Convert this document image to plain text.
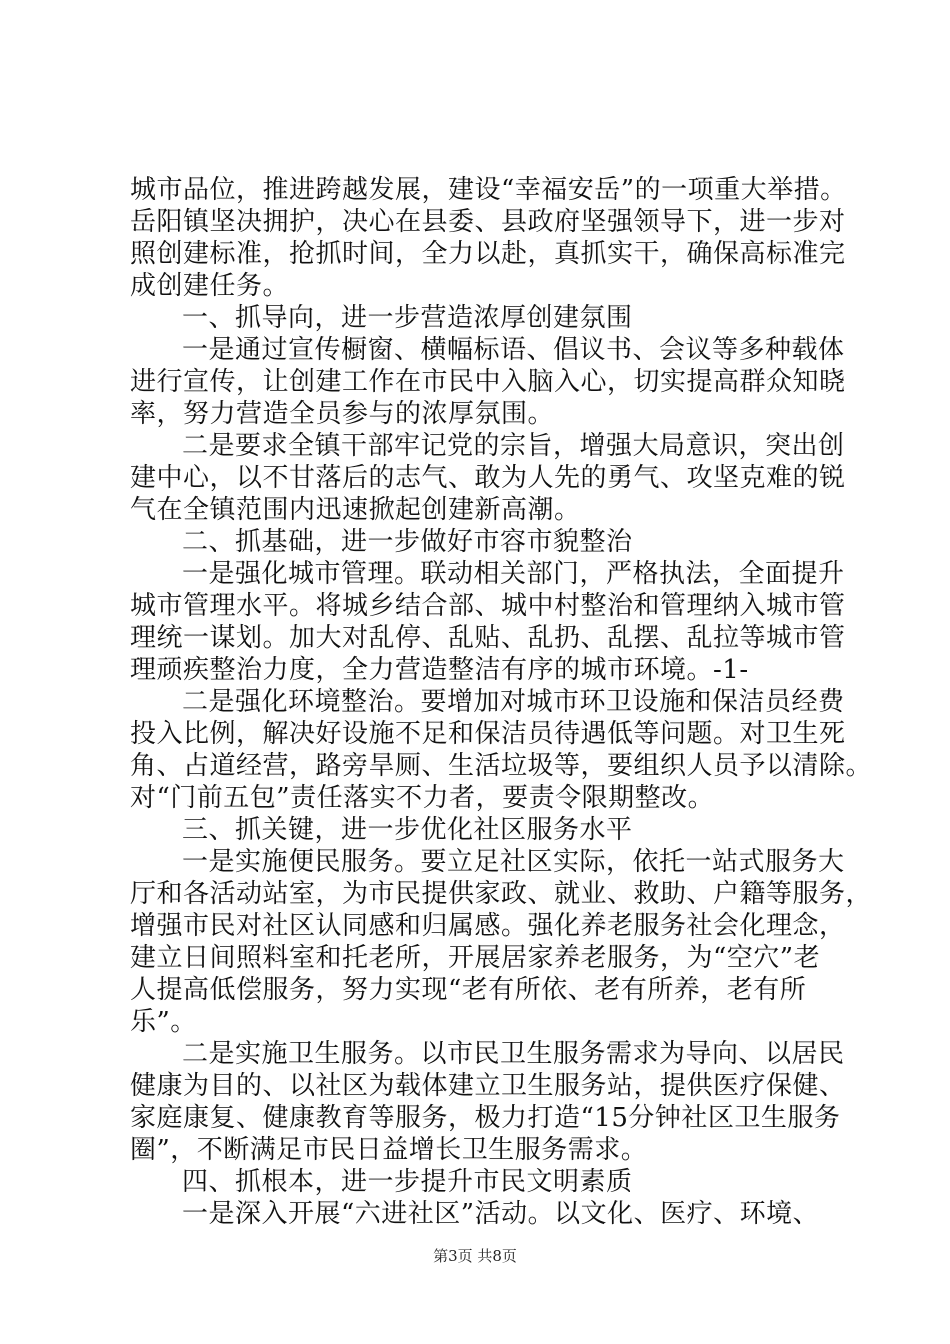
城市品位，推进跨越发展，建设“幸福安岳”的一项重大举措。
岳阳镇坚决拥护，决心在县委、县政府坚强领导下，进一步对
照创建标准，抢抓时间，全力以赴，真抓实干，确保高标准完
成创建任务。
一、抓导向，进一步营造浓厚创建氛围
一是通过宣传橱窗、横幅标语、倡议书、会议等多种载体
进行宣传，让创建工作在市民中入脑入心，切实提高群众知晓
率，努力营造全员参与的浓厚氛围。
二是要求全镇干部牢记党的宗旨，增强大局意识，突出创
建中心，以不甘落后的志气、敢为人先的勇气、攻坚克难的锐
气在全镇范围内迅速掀起创建新高潮。
二、抓基础，进一步做好市容市貌整治
一是强化城市管理。联动相关部门，严格执法，全面提升
城市管理水平。将城乡结合部、城中村整治和管理纳入城市管
理统一谋划。加大对乱停、乱贴、乱扔、乱摆、乱拉等城市管
理顽疾整治力度，全力营造整洁有序的城市环境。-1-
二是强化环境整治。要增加对城市环卫设施和保洁员经费
投入比例，解决好设施不足和保洁员待遇低等问题。对卫生死
角、占道经营，路旁旱厕、生活垃圾等，要组织人员予以清除。
对“门前五包”责任落实不力者，要责令限期整改。
三、抓关键，进一步优化社区服务水平
一是实施便民服务。要立足社区实际，依托一站式服务大
厅和各活动站室，为市民提供家政、就业、救助、户籍等服务，
增强市民对社区认同感和归属感。强化养老服务社会化理念，
建立日间照料室和托老所，开展居家养老服务，为“空穴”老
人提高低偿服务，努力实现“老有所依、老有所养，老有所
乐”。
二是实施卫生服务。以市民卫生服务需求为导向、以居民
健康为目的、以社区为载体建立卫生服务站，提供医疗保健、
家庭康复、健康教育等服务，极力打造“15分钟社区卫生服务
圈”，不断满足市民日益增长卫生服务需求。
四、抓根本，进一步提升市民文明素质
一是深入开展“六进社区”活动。以文化、医疗、环境、
第3页 共8页
